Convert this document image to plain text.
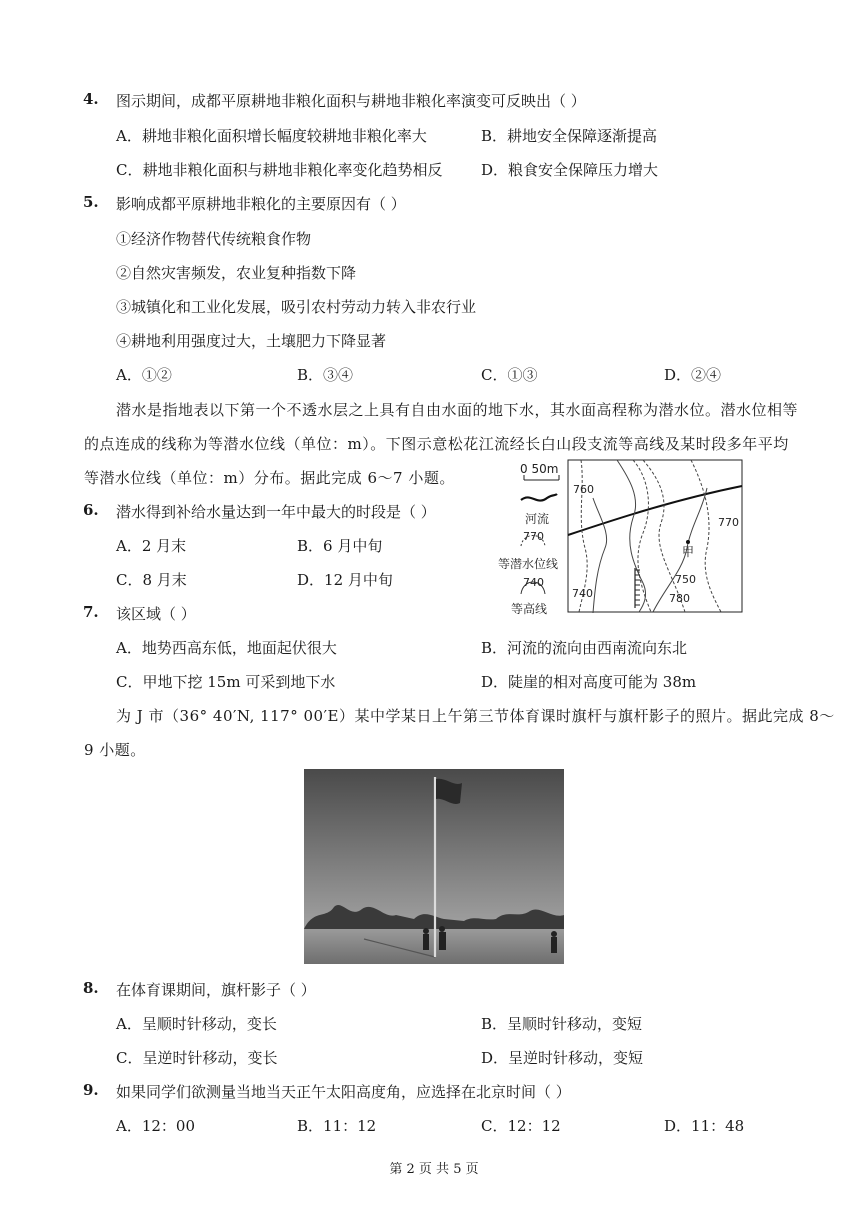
4. 图示期间，成都平原耕地非粮化面积与耕地非粮化率演变可反映出（ ）
A．耕地非粮化面积增长幅度较耕地非粮化率大	B．耕地安全保障逐渐提高
C．耕地非粮化面积与耕地非粮化率变化趋势相反	D．粮食安全保障压力增大
5. 影响成都平原耕地非粮化的主要原因有（ ）
①经济作物替代传统粮食作物
②自然灾害频发，农业复种指数下降
③城镇化和工业化发展，吸引农村劳动力转入非农行业
④耕地利用强度过大，土壤肥力下降显著
A．①②	B．③④	C．①③	D．②④
潜水是指地表以下第一个不透水层之上具有自由水面的地下水，其水面高程称为潜水位。潜水位相等
的点连成的线称为等潜水位线（单位：m）。下图示意松花江流经长白山段支流等高线及某时段多年平均
等潜水位线（单位：m）分布。据此完成 6～7 小题。	0 50m
河流
770
等潜水位线
740
等高线
甲
760
770
750
740	780
6. 潜水得到补给水量达到一年中最大的时段是（ ）
A．2 月末	B．6 月中旬
C．8 月末	D．12 月中旬
7. 该区域（ ）
A．地势西高东低，地面起伏很大	B．河流的流向由西南流向东北
C．甲地下挖 15m 可采到地下水	D．陡崖的相对高度可能为 38m
为 J 市（36° 40′N, 117° 00′E）某中学某日上午第三节体育课时旗杆与旗杆影子的照片。据此完成 8～
9 小题。
8. 在体育课期间，旗杆影子（ ）
A．呈顺时针移动，变长	B．呈顺时针移动，变短
C．呈逆时针移动，变长	D．呈逆时针移动，变短
9. 如果同学们欲测量当地当天正午太阳高度角，应选择在北京时间（ ）
A．12：00	B．11：12	C．12：12	D．11：48
第 2 页 共 5 页
